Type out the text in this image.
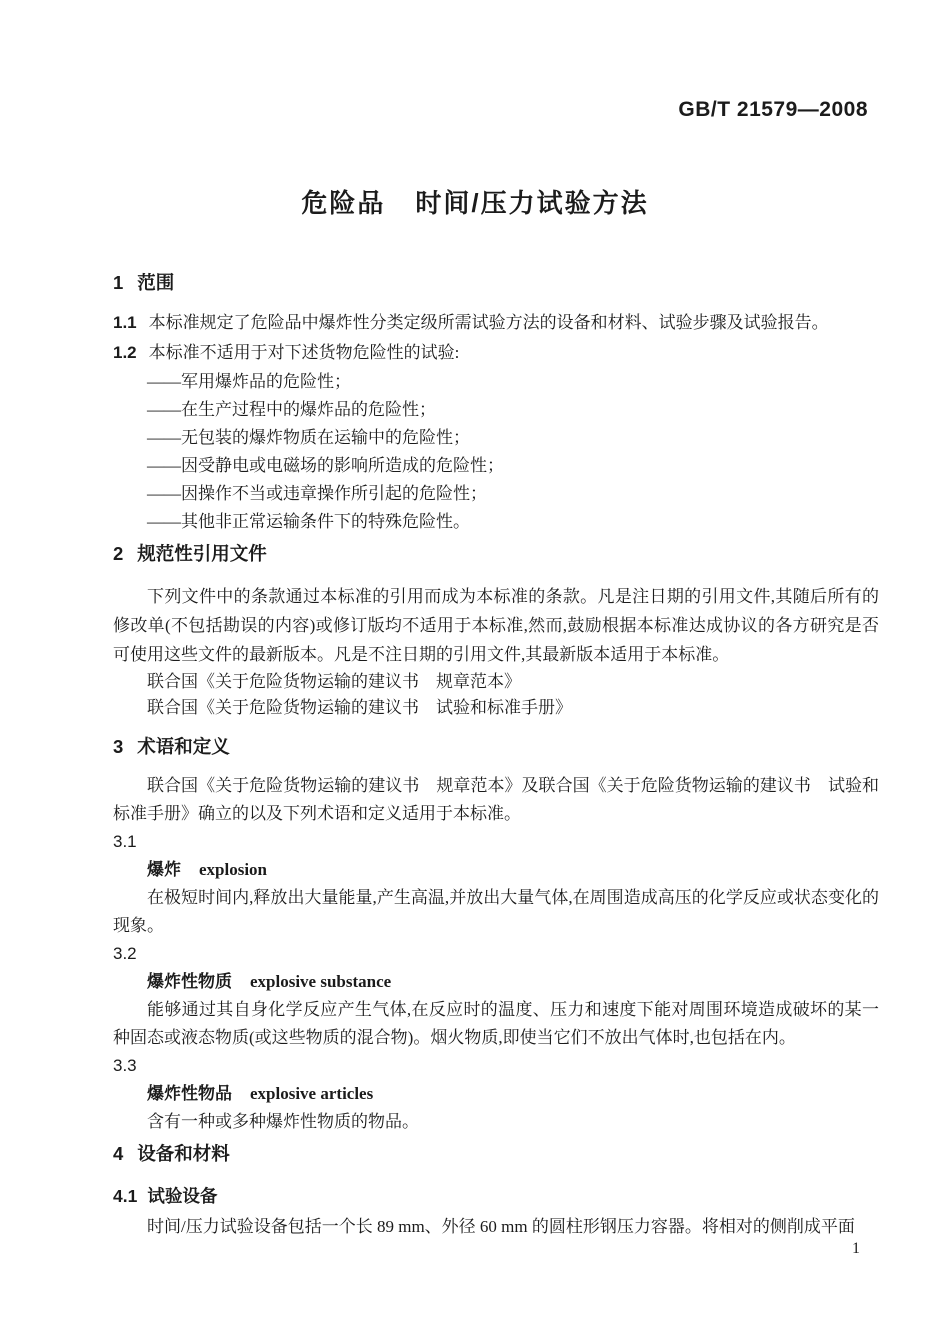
GB/T 21579—2008
危险品 时间/压力试验方法

1 范围

1.1 本标准规定了危险品中爆炸性分类定级所需试验方法的设备和材料、试验步骤及试验报告。

1.2 本标准不适用于对下述货物危险性的试验:

——军用爆炸品的危险性；

——在生产过程中的爆炸品的危险性；

——无包装的爆炸物质在运输中的危险性；

——因受静电或电磁场的影响所造成的危险性；

——因操作不当或违章操作所引起的危险性；

——其他非正常运输条件下的特殊危险性。

2 规范性引用文件

下列文件中的条款通过本标准的引用而成为本标准的条款。凡是注日期的引用文件,其随后所有的修改单(不包括勘误的内容)或修订版均不适用于本标准,然而,鼓励根据本标准达成协议的各方研究是否可使用这些文件的最新版本。凡是不注日期的引用文件,其最新版本适用于本标准。

联合国《关于危险货物运输的建议书　规章范本》

联合国《关于危险货物运输的建议书　试验和标准手册》

3 术语和定义

联合国《关于危险货物运输的建议书　规章范本》及联合国《关于危险货物运输的建议书　试验和标准手册》确立的以及下列术语和定义适用于本标准。

3.1

爆炸 explosion

在极短时间内,释放出大量能量,产生高温,并放出大量气体,在周围造成高压的化学反应或状态变化的现象。

3.2

爆炸性物质 explosive substance

能够通过其自身化学反应产生气体,在反应时的温度、压力和速度下能对周围环境造成破坏的某一种固态或液态物质(或这些物质的混合物)。烟火物质,即使当它们不放出气体时,也包括在内。

3.3

爆炸性物品 explosive articles

含有一种或多种爆炸性物质的物品。

4 设备和材料

4.1 试验设备

时间/压力试验设备包括一个长 89 mm、外径 60 mm 的圆柱形钢压力容器。将相对的侧削成平面

1
